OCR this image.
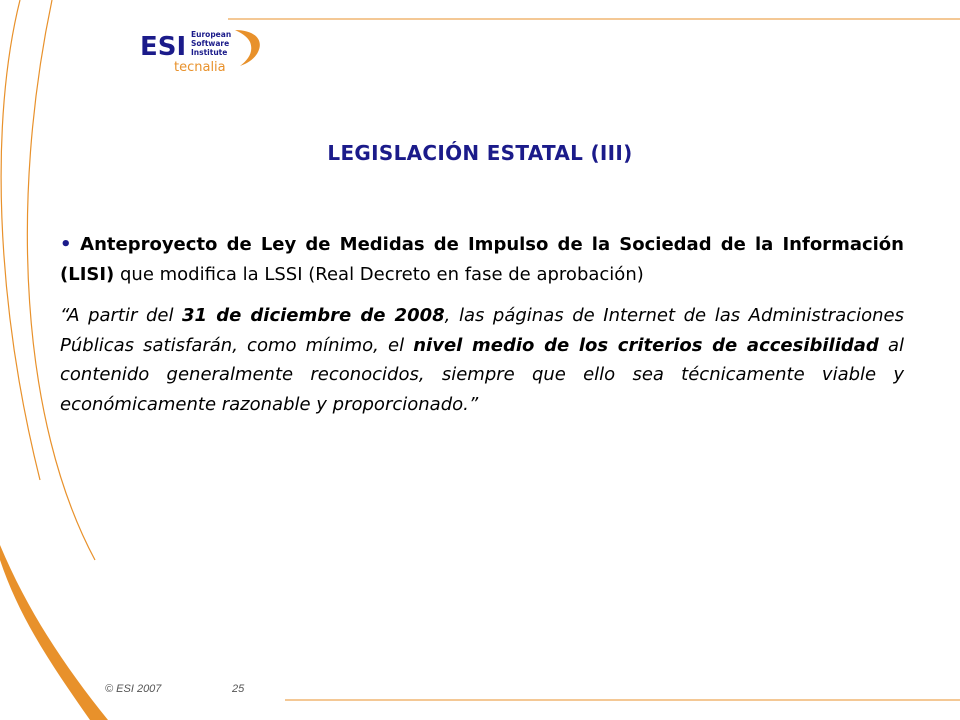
ESI European
Software
Institute
tecnalia
LEGISLACIÓN ESTATAL (III)

• Anteproyecto de Ley de Medidas de Impulso de la Sociedad de la Información (LISI) que modifica la LSSI (Real Decreto en fase de aprobación)

“A partir del 31 de diciembre de 2008, las páginas de Internet de las Administraciones Públicas satisfarán, como mínimo, el nivel medio de los criterios de accesibilidad al contenido generalmente reconocidos, siempre que ello sea técnicamente viable y económicamente razonable y proporcionado.”

© ESI 2007	25
